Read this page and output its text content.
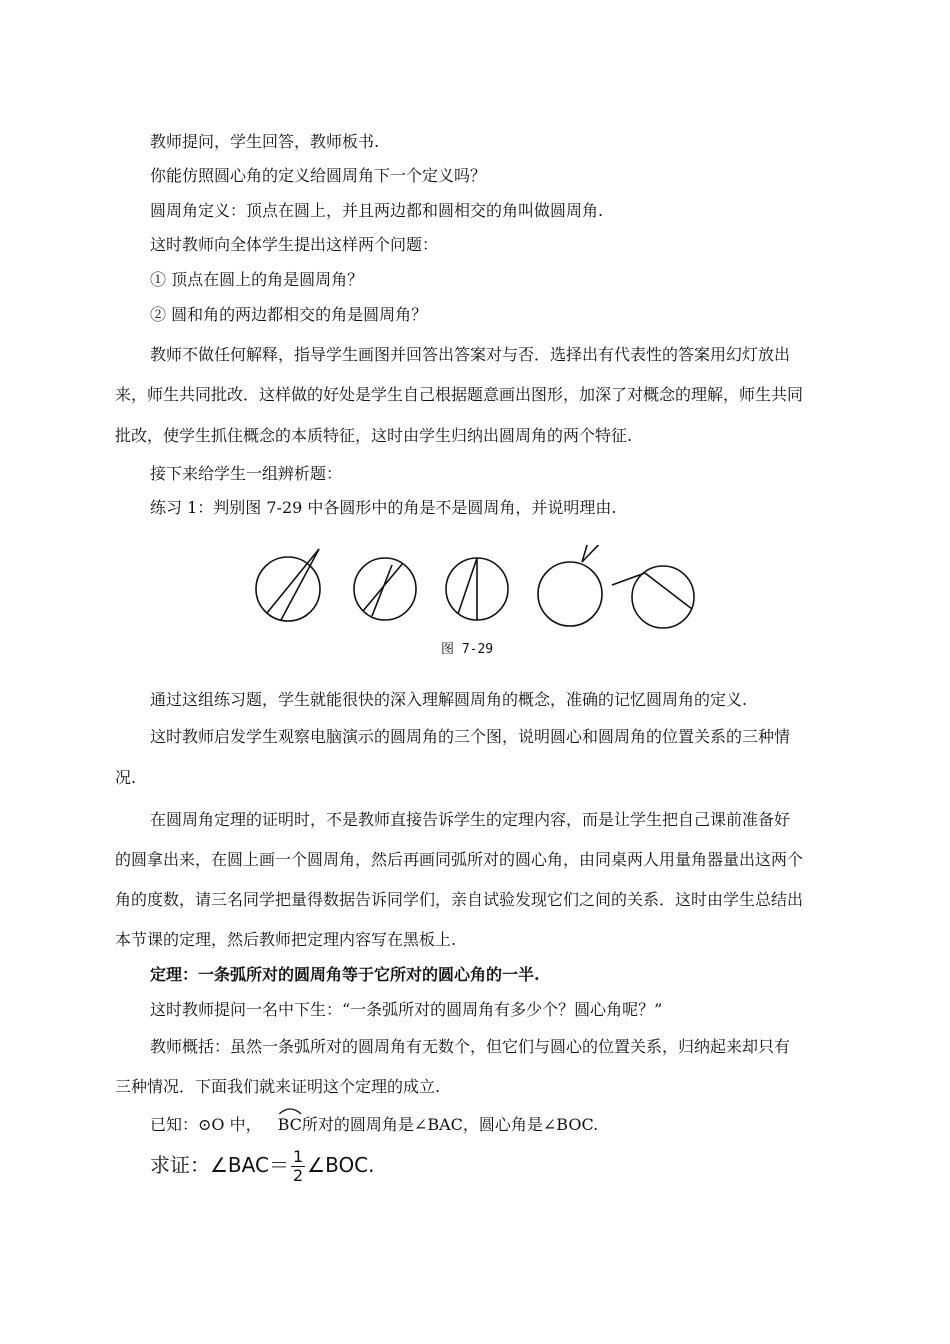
教师提问，学生回答，教师板书.
你能仿照圆心角的定义给圆周角下一个定义吗？
圆周角定义：顶点在圆上，并且两边都和圆相交的角叫做圆周角.
这时教师向全体学生提出这样两个问题：
① 顶点在圆上的角是圆周角？
② 圆和角的两边都相交的角是圆周角？
教师不做任何解释，指导学生画图并回答出答案对与否．选择出有代表性的答案用幻灯放出
来，师生共同批改．这样做的好处是学生自己根据题意画出图形，加深了对概念的理解，师生共同
批改，使学生抓住概念的本质特征，这时由学生归纳出圆周角的两个特征.
接下来给学生一组辨析题：
练习 1：判别图 7-29 中各圆形中的角是不是圆周角，并说明理由.
图 7-29
通过这组练习题，学生就能很快的深入理解圆周角的概念，准确的记忆圆周角的定义.
这时教师启发学生观察电脑演示的圆周角的三个图，说明圆心和圆周角的位置关系的三种情
况.
在圆周角定理的证明时，不是教师直接告诉学生的定理内容，而是让学生把自己课前准备好
的圆拿出来，在圆上画一个圆周角，然后再画同弧所对的圆心角，由同桌两人用量角器量出这两个
角的度数，请三名同学把量得数据告诉同学们，亲自试验发现它们之间的关系．这时由学生总结出
本节课的定理，然后教师把定理内容写在黑板上.
定理：一条弧所对的圆周角等于它所对的圆心角的一半.
这时教师提问一名中下生：“一条弧所对的圆周角有多少个？圆心角呢？”
教师概括：虽然一条弧所对的圆周角有无数个，但它们与圆心的位置关系，归纳起来却只有
三种情况．下面我们就来证明这个定理的成立.
已知：⊙O 中， BC所对的圆周角是∠BAC，圆心角是∠BOC.
求证：∠BAC＝ $\frac{1}{2}$ ∠BOC.
